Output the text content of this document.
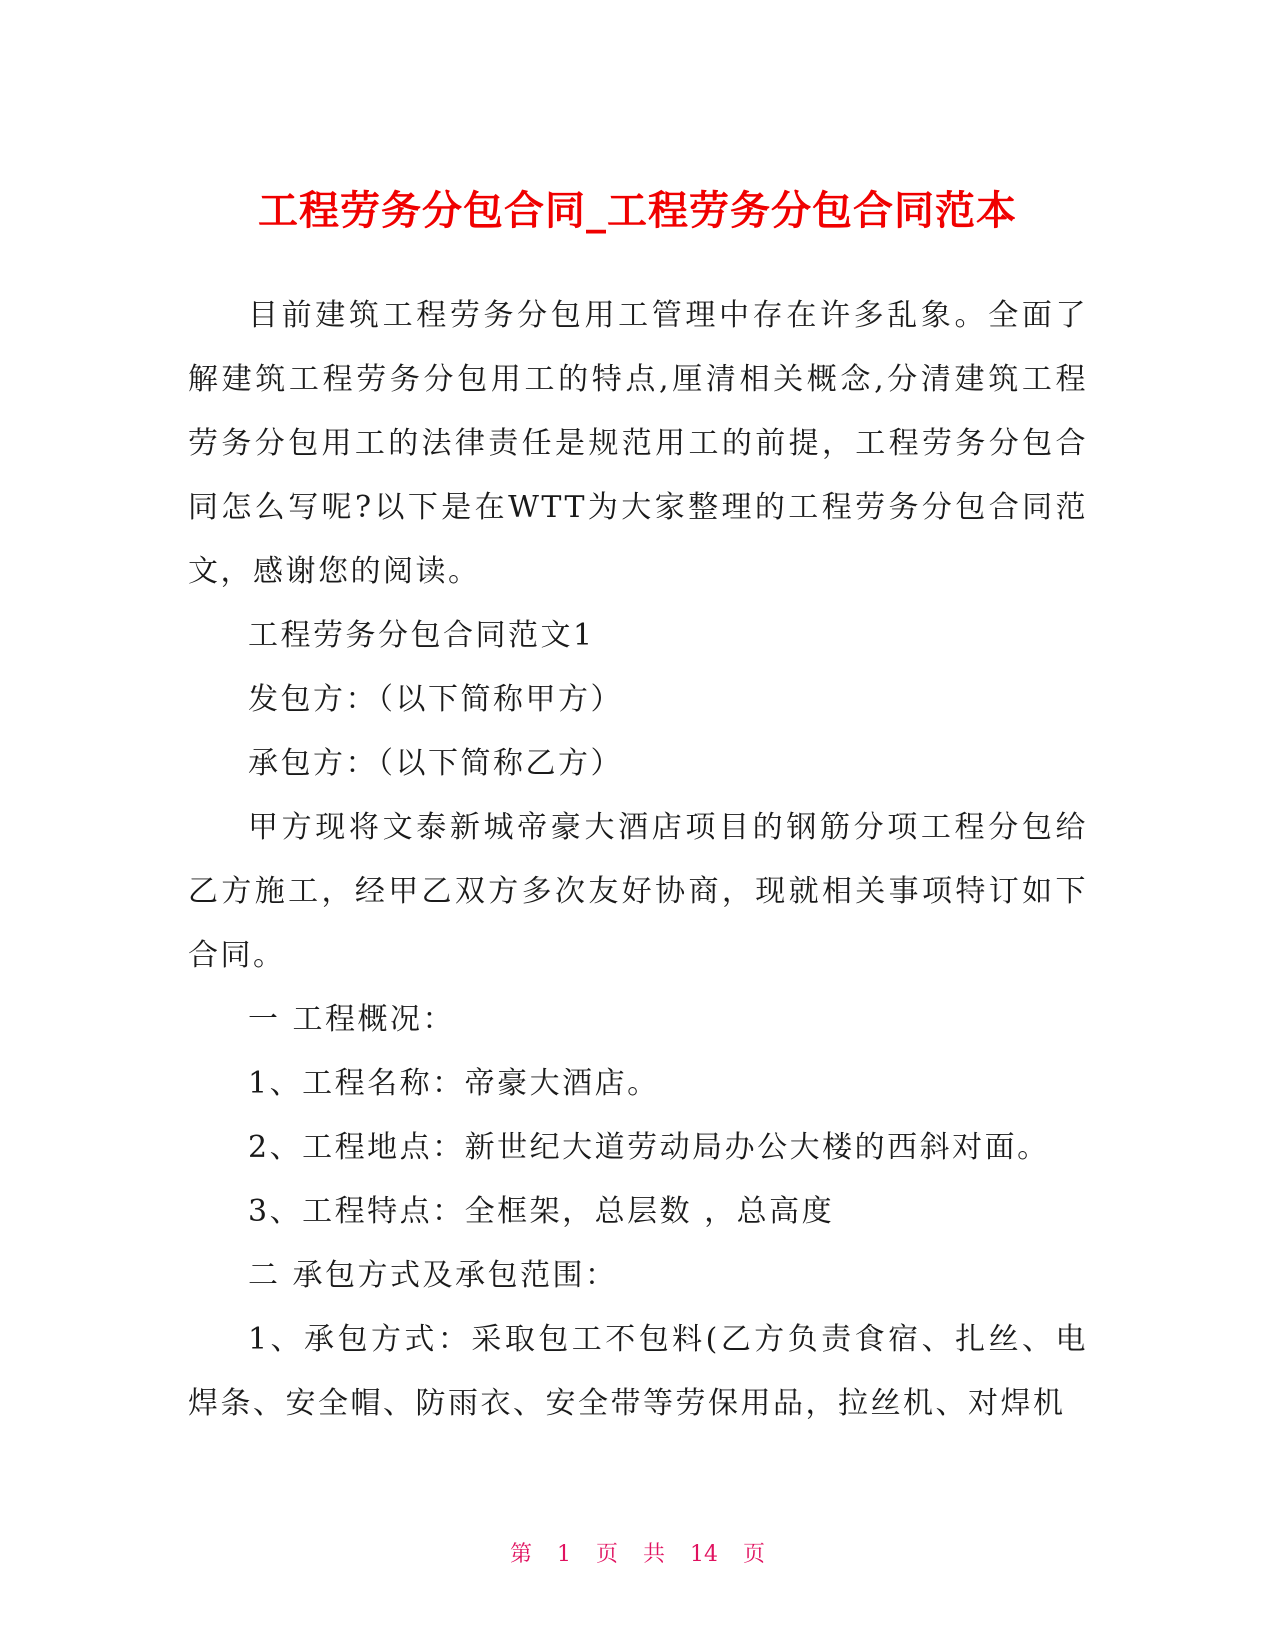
工程劳务分包合同_工程劳务分包合同范本

目前建筑工程劳务分包用工管理中存在许多乱象。全面了解建筑工程劳务分包用工的特点,厘清相关概念,分清建筑工程劳务分包用工的法律责任是规范用工的前提，工程劳务分包合同怎么写呢?以下是在WTT为大家整理的工程劳务分包合同范文，感谢您的阅读。

工程劳务分包合同范文1

发包方：（以下简称甲方）

承包方：（以下简称乙方）

甲方现将文泰新城帝豪大酒店项目的钢筋分项工程分包给乙方施工，经甲乙双方多次友好协商，现就相关事项特订如下合同。

一 工程概况：

1、工程名称：帝豪大酒店。

2、工程地点：新世纪大道劳动局办公大楼的西斜对面。

3、工程特点：全框架，总层数 ，总高度

二 承包方式及承包范围：

1、承包方式：采取包工不包料(乙方负责食宿、扎丝、电焊条、安全帽、防雨衣、安全带等劳保用品，拉丝机、对焊机

第 1 页 共 14 页
